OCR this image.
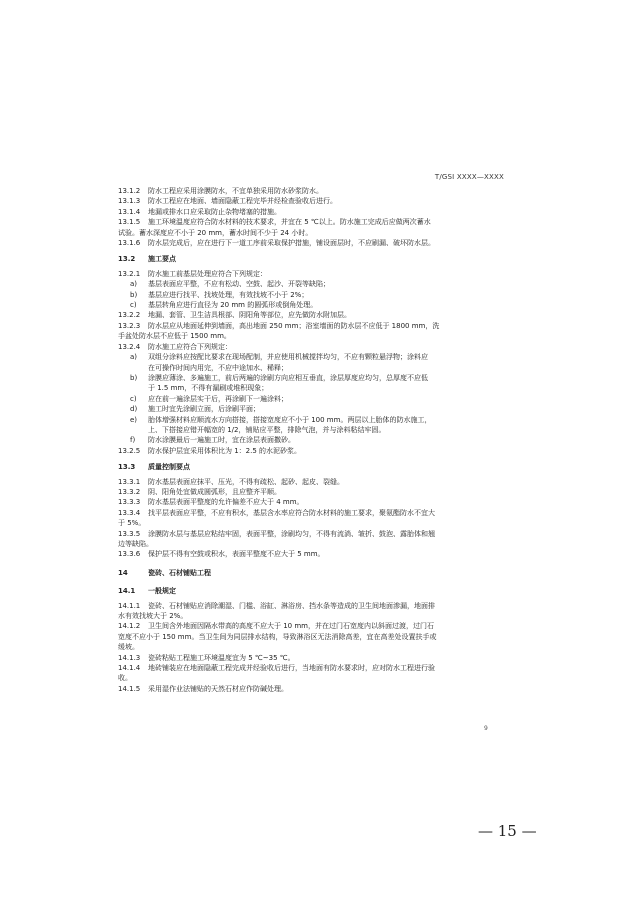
T/GSI XXXX—XXXX
13.1.2	防水工程应采用涂膜防水，不宜单独采用防水砂浆防水。
13.1.3	防水工程应在地面、墙面隐蔽工程完毕并经检查验收后进行。
13.1.4	地漏或排水口应采取防止杂物堵塞的措施。
13.1.5	施工环境温度应符合防水材料的技术要求，并宜在 5 ℃以上。防水施工完成后应做两次蓄水
试验。蓄水深度应不小于 20 mm，蓄水时间不少于 24 小时。
13.1.6	防水层完成后，应在进行下一道工序前采取保护措施，铺设面层时，不应刷漏、破坏防水层。
13.2	施工要点
13.2.1	防水施工前基层处理应符合下列规定：
a)	基层表面应平整，不应有松动、空鼓、起沙、开裂等缺陷；
b)	基层应进行找平、找坡处理，有效找坡不小于 2%；
c)	基层转角应进行直径为 20 mm 的圆弧形或倒角处理。
13.2.2	地漏、套管、卫生洁具根部、阴阳角等部位，应先做防水附加层。
13.2.3	防水层应从地面延伸到墙面，高出地面 250 mm；浴室墙面的防水层不应低于 1800 mm，洗
手盆处防水层不应低于 1500 mm。
13.2.4	防水施工应符合下列规定：
a)	双组分涂料应按配比要求在现场配制，并应使用机械搅拌均匀，不应有颗粒悬浮物；涂料应
在可操作时间内用完，不应中途加水、稀释；
b)	涂膜应薄涂、多遍施工，前后两遍的涂刷方向应相互垂直，涂层厚度应均匀，总厚度不应低
于 1.5 mm，不得有漏刷或堆积现象；
c)	应在前一遍涂层实干后，再涂刷下一遍涂料；
d)	施工时宜先涂刷立面，后涂刷平面；
e)	胎体增强材料应顺流水方向搭接，搭接宽度应不小于 100 mm。两层以上胎体的防水施工，
上、下搭接应错开幅宽的 1/2，铺贴应平整，排除气泡，并与涂料粘结牢固。
f)	防水涂膜最后一遍施工时，宜在涂层表面撒砂。
13.2.5	防水保护层宜采用体积比为 1：2.5 的水泥砂浆。
13.3	质量控制要点
13.3.1	防水基层表面应抹平、压光，不得有疏松、起砂、起皮、裂缝。
13.3.2	阴、阳角处宜做成圆弧形，且应整齐平顺。
13.3.3	防水基层表面平整度的允许偏差不应大于 4 mm。
13.3.4	找平层表面应平整，不应有积水，基层含水率应符合防水材料的施工要求，聚氨酯防水不宜大
于 5%。
13.3.5	涂膜防水层与基层应粘结牢固，表面平整，涂刷均匀，不得有流淌、皱折、鼓泡、露胎体和翘
边等缺陷。
13.3.6	保护层不得有空鼓或积水，表面平整度不应大于 5 mm。
14	瓷砖、石材铺贴工程
14.1	一般规定
14.1.1	瓷砖、石材铺贴应消除潮湿、门槛、浴缸、淋浴房、挡水条等造成的卫生间地面渗漏，地面排
水有效找坡大于 2%。
14.1.2	卫生间含外地面因隔水带高的高度不应大于 10 mm，并在过门石宽度内以斜面过渡，过门石
宽度不应小于 150 mm。当卫生间为同层排水结构，导致淋浴区无法消除高差，宜在高差处设置扶手或
缓坡。
14.1.3	瓷砖粘贴工程施工环境温度宜为 5 ℃~35 ℃。
14.1.4	地砖铺装应在地面隐蔽工程完成并经验收后进行，当地面有防水要求时，应对防水工程进行验
收。
14.1.5	采用湿作业法铺贴的天然石材应作防碱处理。
9
— 15 —
